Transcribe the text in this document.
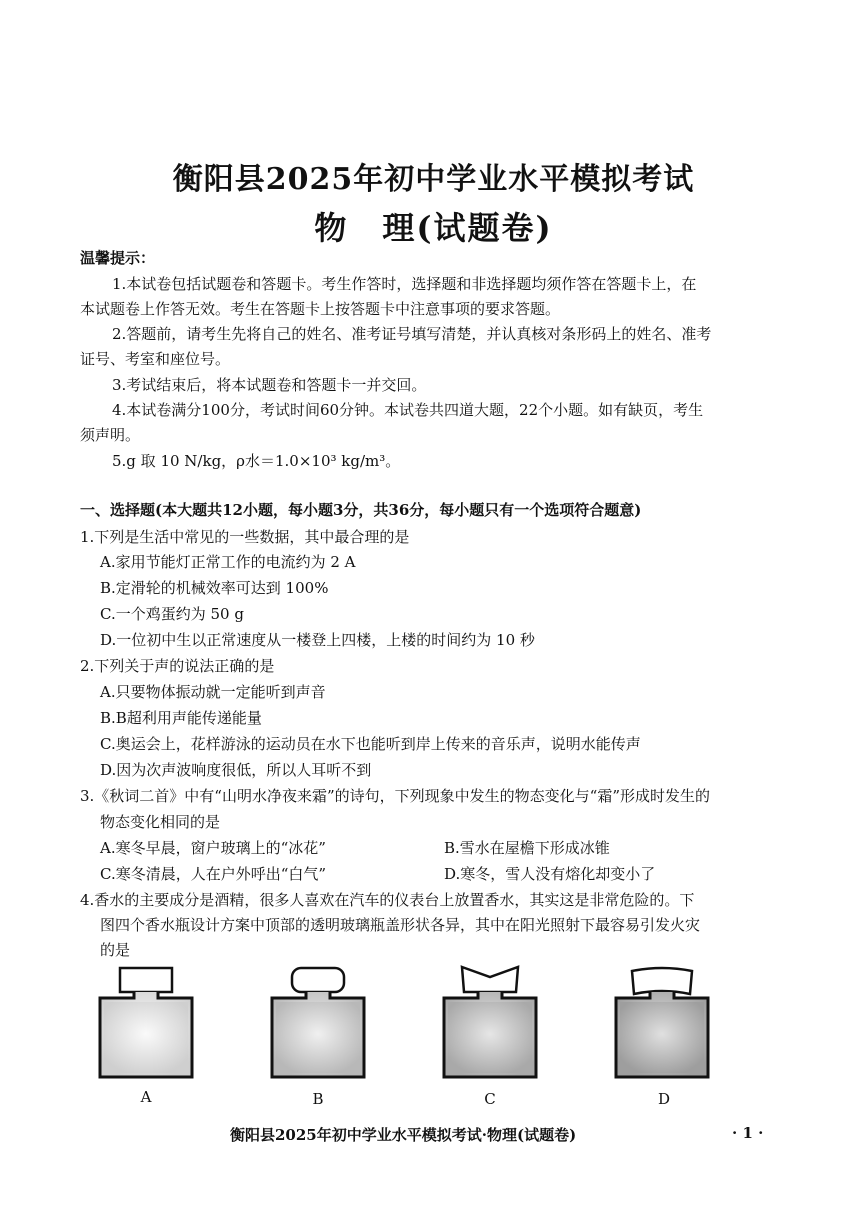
衡阳县2025年初中学业水平模拟考试
物　理(试题卷)
温馨提示：
1.本试卷包括试题卷和答题卡。考生作答时，选择题和非选择题均须作答在答题卡上，在
本试题卷上作答无效。考生在答题卡上按答题卡中注意事项的要求答题。
2.答题前，请考生先将自己的姓名、准考证号填写清楚，并认真核对条形码上的姓名、准考
证号、考室和座位号。
3.考试结束后，将本试题卷和答题卡一并交回。
4.本试卷满分100分，考试时间60分钟。本试卷共四道大题，22个小题。如有缺页，考生
须声明。
5.g 取 10 N/kg，ρ水＝1.0×10³ kg/m³。
一、选择题(本大题共12小题，每小题3分，共36分，每小题只有一个选项符合题意)
1.下列是生活中常见的一些数据，其中最合理的是
A.家用节能灯正常工作的电流约为 2 A
B.定滑轮的机械效率可达到 100%
C.一个鸡蛋约为 50 g
D.一位初中生以正常速度从一楼登上四楼，上楼的时间约为 10 秒
2.下列关于声的说法正确的是
A.只要物体振动就一定能听到声音
B.B超利用声能传递能量
C.奥运会上，花样游泳的运动员在水下也能听到岸上传来的音乐声，说明水能传声
D.因为次声波响度很低，所以人耳听不到
3.《秋词二首》中有“山明水净夜来霜”的诗句，下列现象中发生的物态变化与“霜”形成时发生的
物态变化相同的是
A.寒冬早晨，窗户玻璃上的“冰花”	B.雪水在屋檐下形成冰锥
C.寒冬清晨，人在户外呼出“白气”	D.寒冬，雪人没有熔化却变小了
4.香水的主要成分是酒精，很多人喜欢在汽车的仪表台上放置香水，其实这是非常危险的。下
图四个香水瓶设计方案中顶部的透明玻璃瓶盖形状各异，其中在阳光照射下最容易引发火灾
的是
A	B	C	D
衡阳县2025年初中学业水平模拟考试·物理(试题卷)	· 1 ·
